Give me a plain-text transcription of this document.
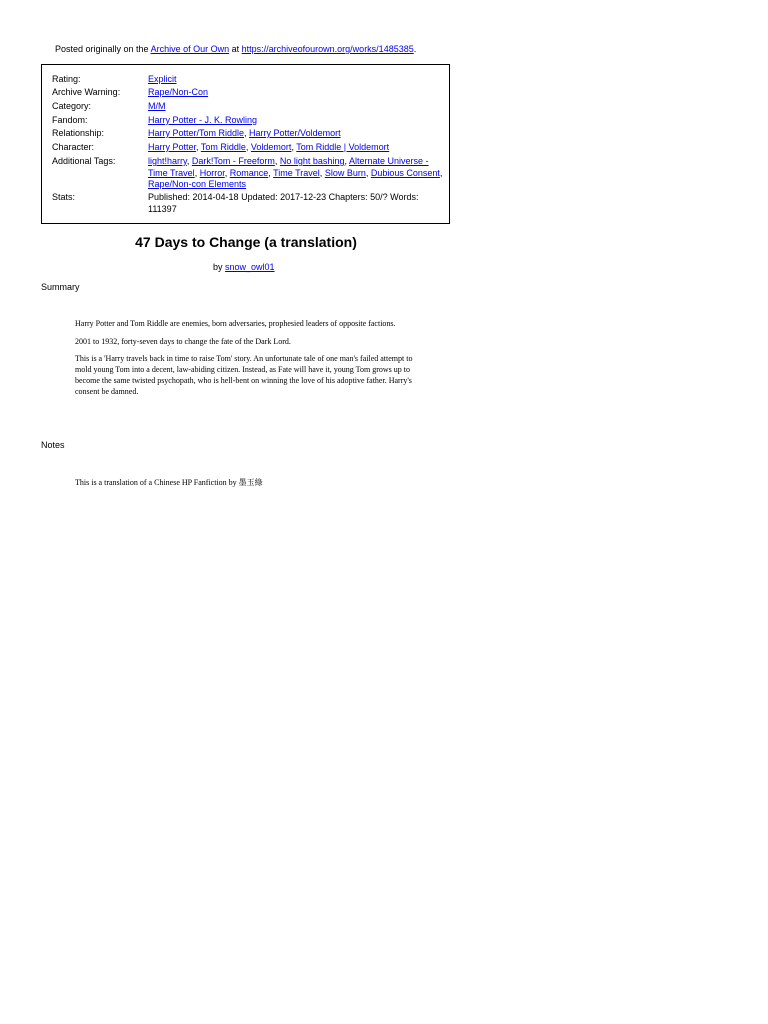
Posted originally on the Archive of Our Own at https://archiveofourown.org/works/1485385.
Rating:	Explicit
Archive Warning:	Rape/Non-Con
Category:	M/M
Fandom:	Harry Potter - J. K. Rowling
Relationship:	Harry Potter/Tom Riddle, Harry Potter/Voldemort
Character:	Harry Potter, Tom Riddle, Voldemort, Tom Riddle | Voldemort
Additional Tags:	light!harry, Dark!Tom - Freeform, No light bashing, Alternate Universe - Time Travel, Horror, Romance, Time Travel, Slow Burn, Dubious Consent, Rape/Non-con Elements
Stats:	Published: 2014-04-18 Updated: 2017-12-23 Chapters: 50/? Words: 111397
47 Days to Change (a translation)
by snow_owl01
Summary

Harry Potter and Tom Riddle are enemies, born adversaries, prophesied leaders of opposite factions.

2001 to 1932, forty-seven days to change the fate of the Dark Lord.

This is a 'Harry travels back in time to raise Tom' story. An unfortunate tale of one man's failed attempt to mold young Tom into a decent, law-abiding citizen. Instead, as Fate will have it, young Tom grows up to become the same twisted psychopath, who is hell-bent on winning the love of his adoptive father. Harry's consent be damned.

Notes

This is a translation of a Chinese HP Fanfiction by 墨玉綠
